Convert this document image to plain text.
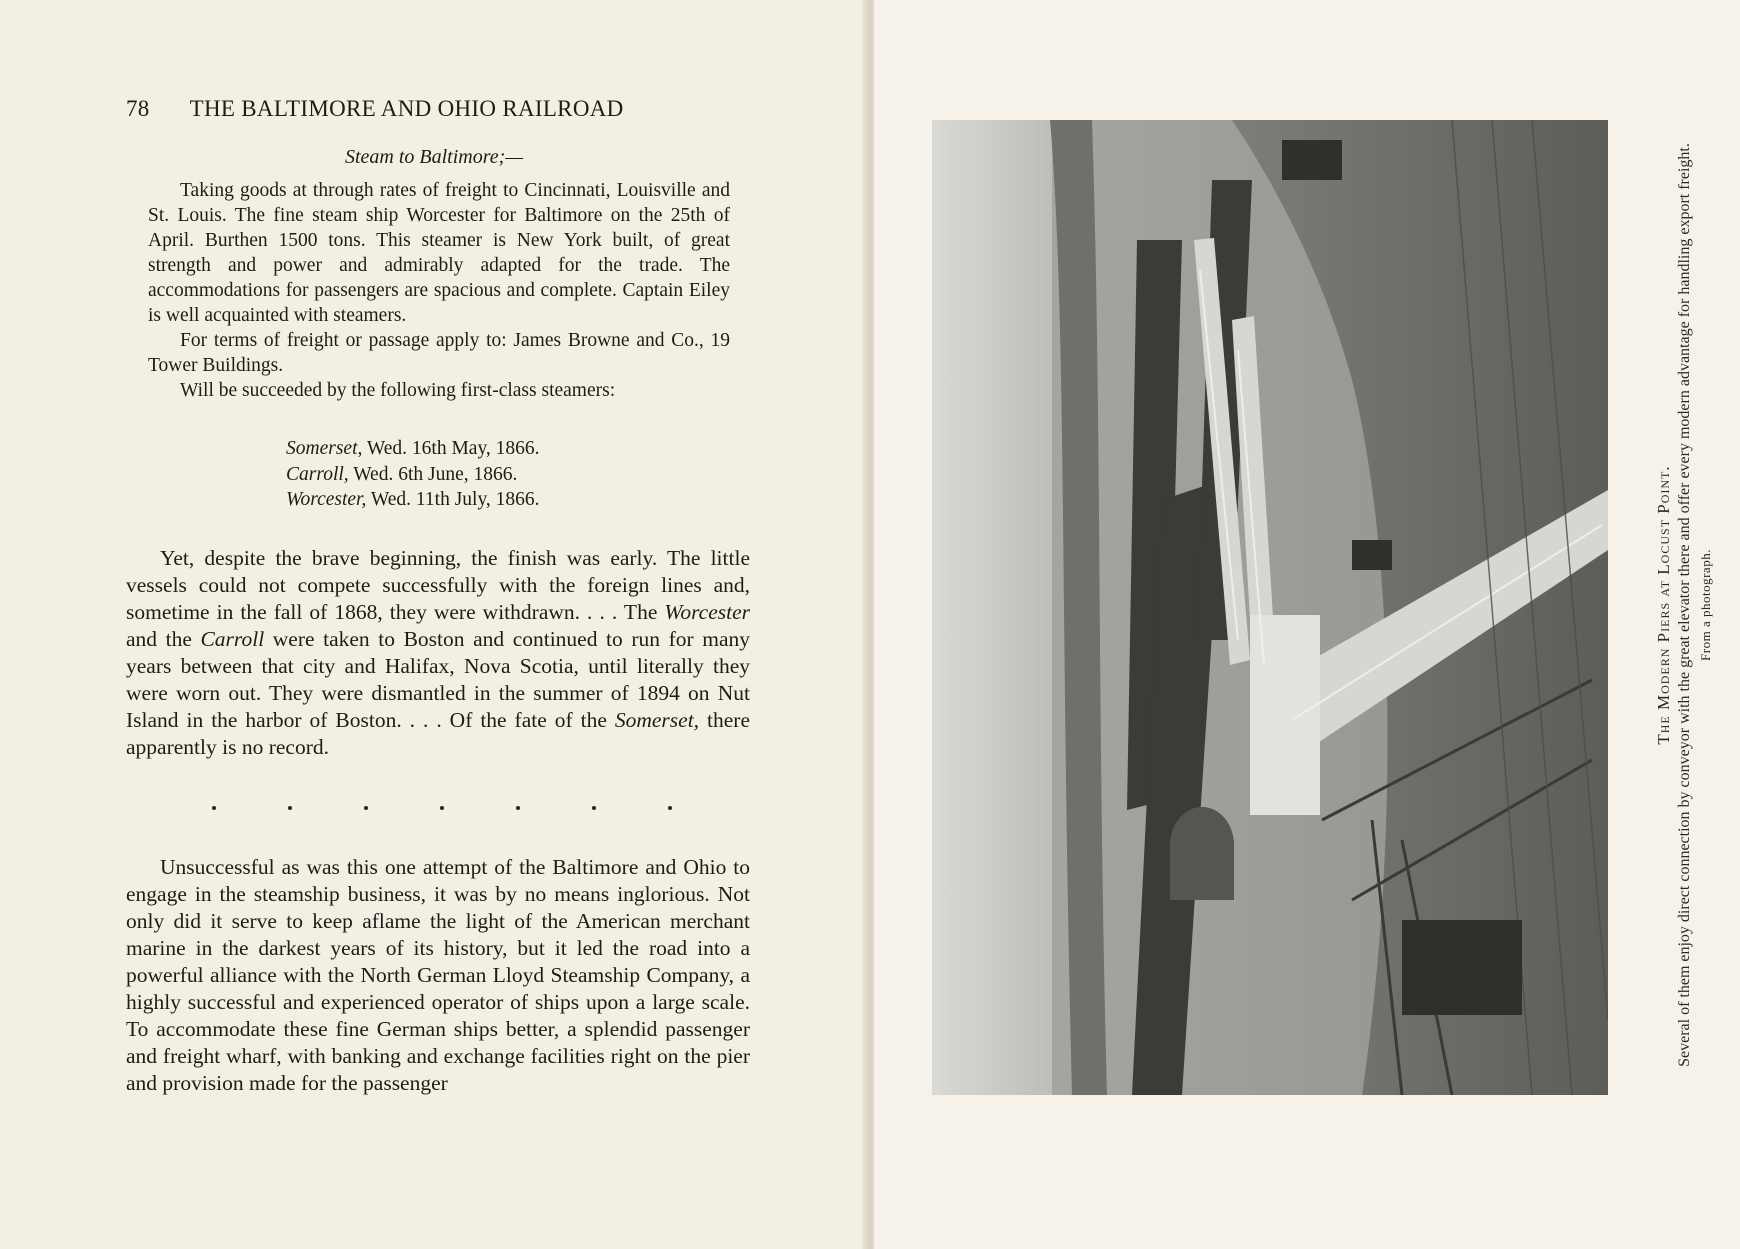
78 THE BALTIMORE AND OHIO RAILROAD
Steam to Baltimore;—

Taking goods at through rates of freight to Cincinnati, Louisville and St. Louis. The fine steam ship Worcester for Baltimore on the 25th of April. Burthen 1500 tons. This steamer is New York built, of great strength and power and admirably adapted for the trade. The accommodations for passengers are spacious and complete. Captain Eiley is well acquainted with steamers.

For terms of freight or passage apply to: James Browne and Co., 19 Tower Buildings.

Will be succeeded by the following first-class steamers:

Somerset, Wed. 16th May, 1866.
Carroll, Wed. 6th June, 1866.
Worcester, Wed. 11th July, 1866.

Yet, despite the brave beginning, the finish was early. The little vessels could not compete successfully with the foreign lines and, sometime in the fall of 1868, they were withdrawn. . . . The Worcester and the Carroll were taken to Boston and continued to run for many years between that city and Halifax, Nova Scotia, until literally they were worn out. They were dismantled in the summer of 1894 on Nut Island in the harbor of Boston. . . . Of the fate of the Somerset, there apparently is no record.

Unsuccessful as was this one attempt of the Baltimore and Ohio to engage in the steamship business, it was by no means inglorious. Not only did it serve to keep aflame the light of the American merchant marine in the darkest years of its history, but it led the road into a powerful alliance with the North German Lloyd Steamship Company, a highly successful and experienced operator of ships upon a large scale. To accommodate these fine German ships better, a splendid passenger and freight wharf, with banking and exchange facilities right on the pier and provision made for the passenger

The Modern Piers at Locust Point. Several of them enjoy direct connection by conveyor with the great elevator there and offer every modern advantage for handling export freight. From a photograph.
